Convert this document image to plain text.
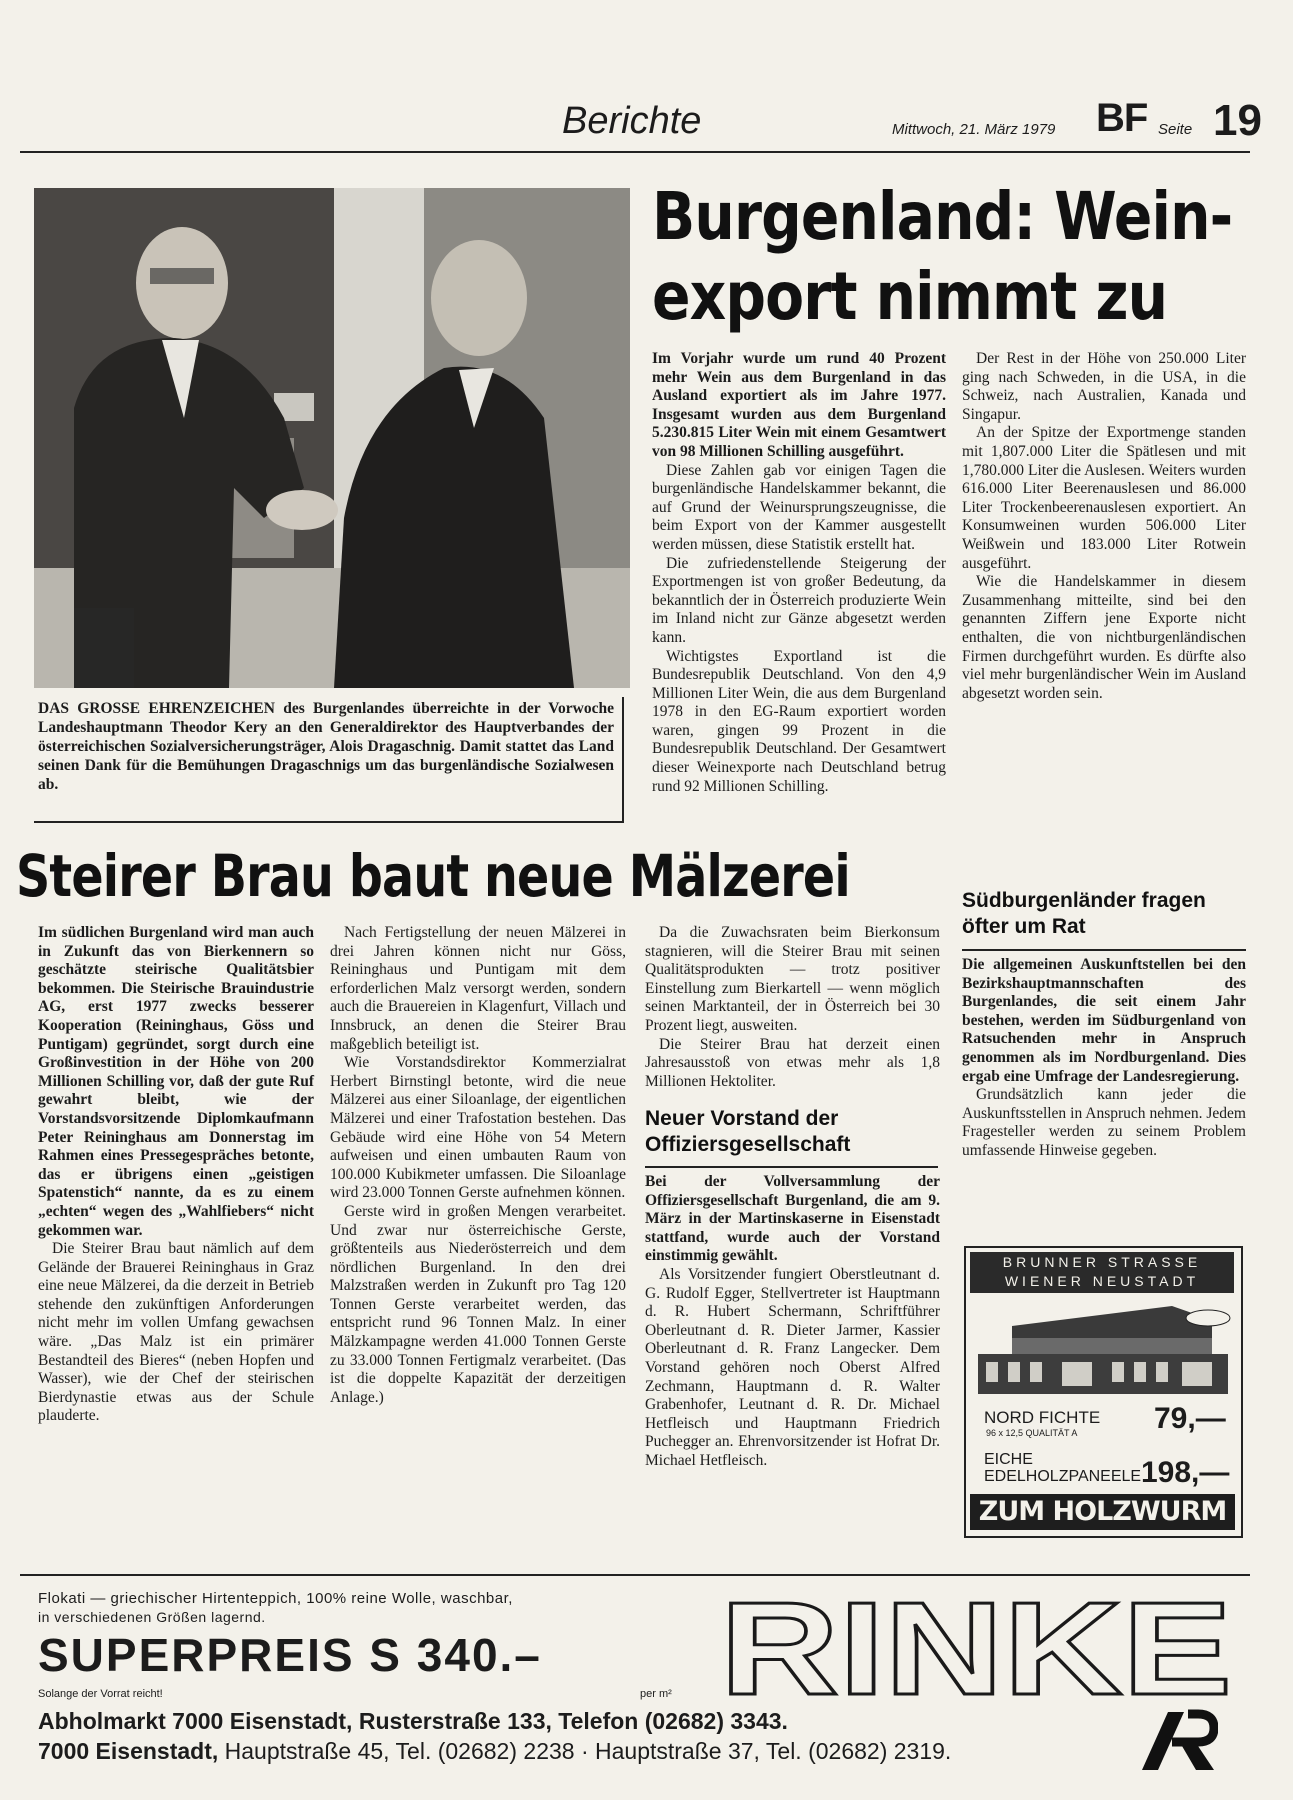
Berichte	Mittwoch, 21. März 1979 BF Seite 19
DAS GROSSE EHRENZEICHEN des Burgenlandes überreichte in der Vorwoche Landeshauptmann Theodor Kery an den Generaldirektor des Hauptverbandes der österreichischen Sozialversicherungsträger, Alois Dragaschnig. Damit stattet das Land seinen Dank für die Bemühungen Dragaschnigs um das burgenländische Sozialwesen ab.
Burgenland: Wein-
export nimmt zu

Im Vorjahr wurde um rund 40 Prozent mehr Wein aus dem Burgenland in das Ausland exportiert als im Jahre 1977. Insgesamt wurden aus dem Burgenland 5.230.815 Liter Wein mit einem Gesamtwert von 98 Millionen Schilling ausgeführt.

Diese Zahlen gab vor einigen Tagen die burgenländische Handelskammer bekannt, die auf Grund der Weinursprungszeugnisse, die beim Export von der Kammer ausgestellt werden müssen, diese Statistik erstellt hat.

Die zufriedenstellende Steigerung der Exportmengen ist von großer Bedeutung, da bekanntlich der in Österreich produzierte Wein im Inland nicht zur Gänze abgesetzt werden kann.

Wichtigstes Exportland ist die Bundesrepublik Deutschland. Von den 4,9 Millionen Liter Wein, die aus dem Burgenland 1978 in den EG-Raum exportiert worden waren, gingen 99 Prozent in die Bundesrepublik Deutschland. Der Gesamtwert dieser Weinexporte nach Deutschland betrug rund 92 Millionen Schilling.

Der Rest in der Höhe von 250.000 Liter ging nach Schweden, in die USA, in die Schweiz, nach Australien, Kanada und Singapur.

An der Spitze der Exportmenge standen mit 1,807.000 Liter die Spätlesen und mit 1,780.000 Liter die Auslesen. Weiters wurden 616.000 Liter Beerenauslesen und 86.000 Liter Trockenbeerenauslesen exportiert. An Konsumweinen wurden 506.000 Liter Weißwein und 183.000 Liter Rotwein ausgeführt.

Wie die Handelskammer in diesem Zusammenhang mitteilte, sind bei den genannten Ziffern jene Exporte nicht enthalten, die von nichtburgenländischen Firmen durchgeführt wurden. Es dürfte also viel mehr burgenländischer Wein im Ausland abgesetzt worden sein.

Steirer Brau baut neue Mälzerei

Im südlichen Burgenland wird man auch in Zukunft das von Bierkennern so geschätzte steirische Qualitätsbier bekommen. Die Steirische Brauindustrie AG, erst 1977 zwecks besserer Kooperation (Reininghaus, Göss und Puntigam) gegründet, sorgt durch eine Großinvestition in der Höhe von 200 Millionen Schilling vor, daß der gute Ruf gewahrt bleibt, wie der Vorstandsvorsitzende Diplomkaufmann Peter Reininghaus am Donnerstag im Rahmen eines Pressegespräches betonte, das er übrigens einen „geistigen Spatenstich“ nannte, da es zu einem „echten“ wegen des „Wahlfiebers“ nicht gekommen war.

Die Steirer Brau baut nämlich auf dem Gelände der Brauerei Reininghaus in Graz eine neue Mälzerei, da die derzeit in Betrieb stehende den zukünftigen Anforderungen nicht mehr im vollen Umfang gewachsen wäre. „Das Malz ist ein primärer Bestandteil des Bieres“ (neben Hopfen und Wasser), wie der Chef der steirischen Bierdynastie etwas aus der Schule plauderte.

Nach Fertigstellung der neuen Mälzerei in drei Jahren können nicht nur Göss, Reininghaus und Puntigam mit dem erforderlichen Malz versorgt werden, sondern auch die Brauereien in Klagenfurt, Villach und Innsbruck, an denen die Steirer Brau maßgeblich beteiligt ist.

Wie Vorstandsdirektor Kommerzialrat Herbert Birnstingl betonte, wird die neue Mälzerei aus einer Siloanlage, der eigentlichen Mälzerei und einer Trafostation bestehen. Das Gebäude wird eine Höhe von 54 Metern aufweisen und einen umbauten Raum von 100.000 Kubikmeter umfassen. Die Siloanlage wird 23.000 Tonnen Gerste aufnehmen können.

Gerste wird in großen Mengen verarbeitet. Und zwar nur österreichische Gerste, größtenteils aus Niederösterreich und dem nördlichen Burgenland. In den drei Malzstraßen werden in Zukunft pro Tag 120 Tonnen Gerste verarbeitet werden, das entspricht rund 96 Tonnen Malz. In einer Mälzkampagne werden 41.000 Tonnen Gerste zu 33.000 Tonnen Fertigmalz verarbeitet. (Das ist die doppelte Kapazität der derzeitigen Anlage.)

Da die Zuwachsraten beim Bierkonsum stagnieren, will die Steirer Brau mit seinen Qualitätsprodukten — trotz positiver Einstellung zum Bierkartell — wenn möglich seinen Marktanteil, der in Österreich bei 30 Prozent liegt, ausweiten.

Die Steirer Brau hat derzeit einen Jahresausstoß von etwas mehr als 1,8 Millionen Hektoliter.

Neuer Vorstand der Offiziersgesellschaft

Bei der Vollversammlung der Offiziersgesellschaft Burgenland, die am 9. März in der Martinskaserne in Eisenstadt stattfand, wurde auch der Vorstand einstimmig gewählt.

Als Vorsitzender fungiert Oberstleutnant d. G. Rudolf Egger, Stellvertreter ist Hauptmann d. R. Hubert Schermann, Schriftführer Oberleutnant d. R. Dieter Jarmer, Kassier Oberleutnant d. R. Franz Langecker. Dem Vorstand gehören noch Oberst Alfred Zechmann, Hauptmann d. R. Walter Grabenhofer, Leutnant d. R. Dr. Michael Hetfleisch und Hauptmann Friedrich Puchegger an. Ehrenvorsitzender ist Hofrat Dr. Michael Hetfleisch.

Südburgenländer fragen öfter um Rat

Die allgemeinen Auskunftstellen bei den Bezirkshauptmannschaften des Burgenlandes, die seit einem Jahr bestehen, werden im Südburgenland von Ratsuchenden mehr in Anspruch genommen als im Nordburgenland. Dies ergab eine Umfrage der Landesregierung.

Grundsätzlich kann jeder die Auskunftsstellen in Anspruch nehmen. Jedem Fragesteller werden zu seinem Problem umfassende Hinweise gegeben.

BRUNNER STRASSE
WIENER NEUSTADT
NORD FICHTE
96 x 12,5 QUALITÄT A	79,—
EICHE
EDELHOLZPANEELE 198,—
ZUM HOLZWURM
Flokati — griechischer Hirtenteppich, 100% reine Wolle, waschbar,
in verschiedenen Größen lagernd.
SUPERPREIS S 340.–
Solange der Vorrat reicht!	per m² RINKE
Abholmarkt 7000 Eisenstadt, Rusterstraße 133, Telefon (02682) 3343.
7000 Eisenstadt, Hauptstraße 45, Tel. (02682) 2238 · Hauptstraße 37, Tel. (02682) 2319.
